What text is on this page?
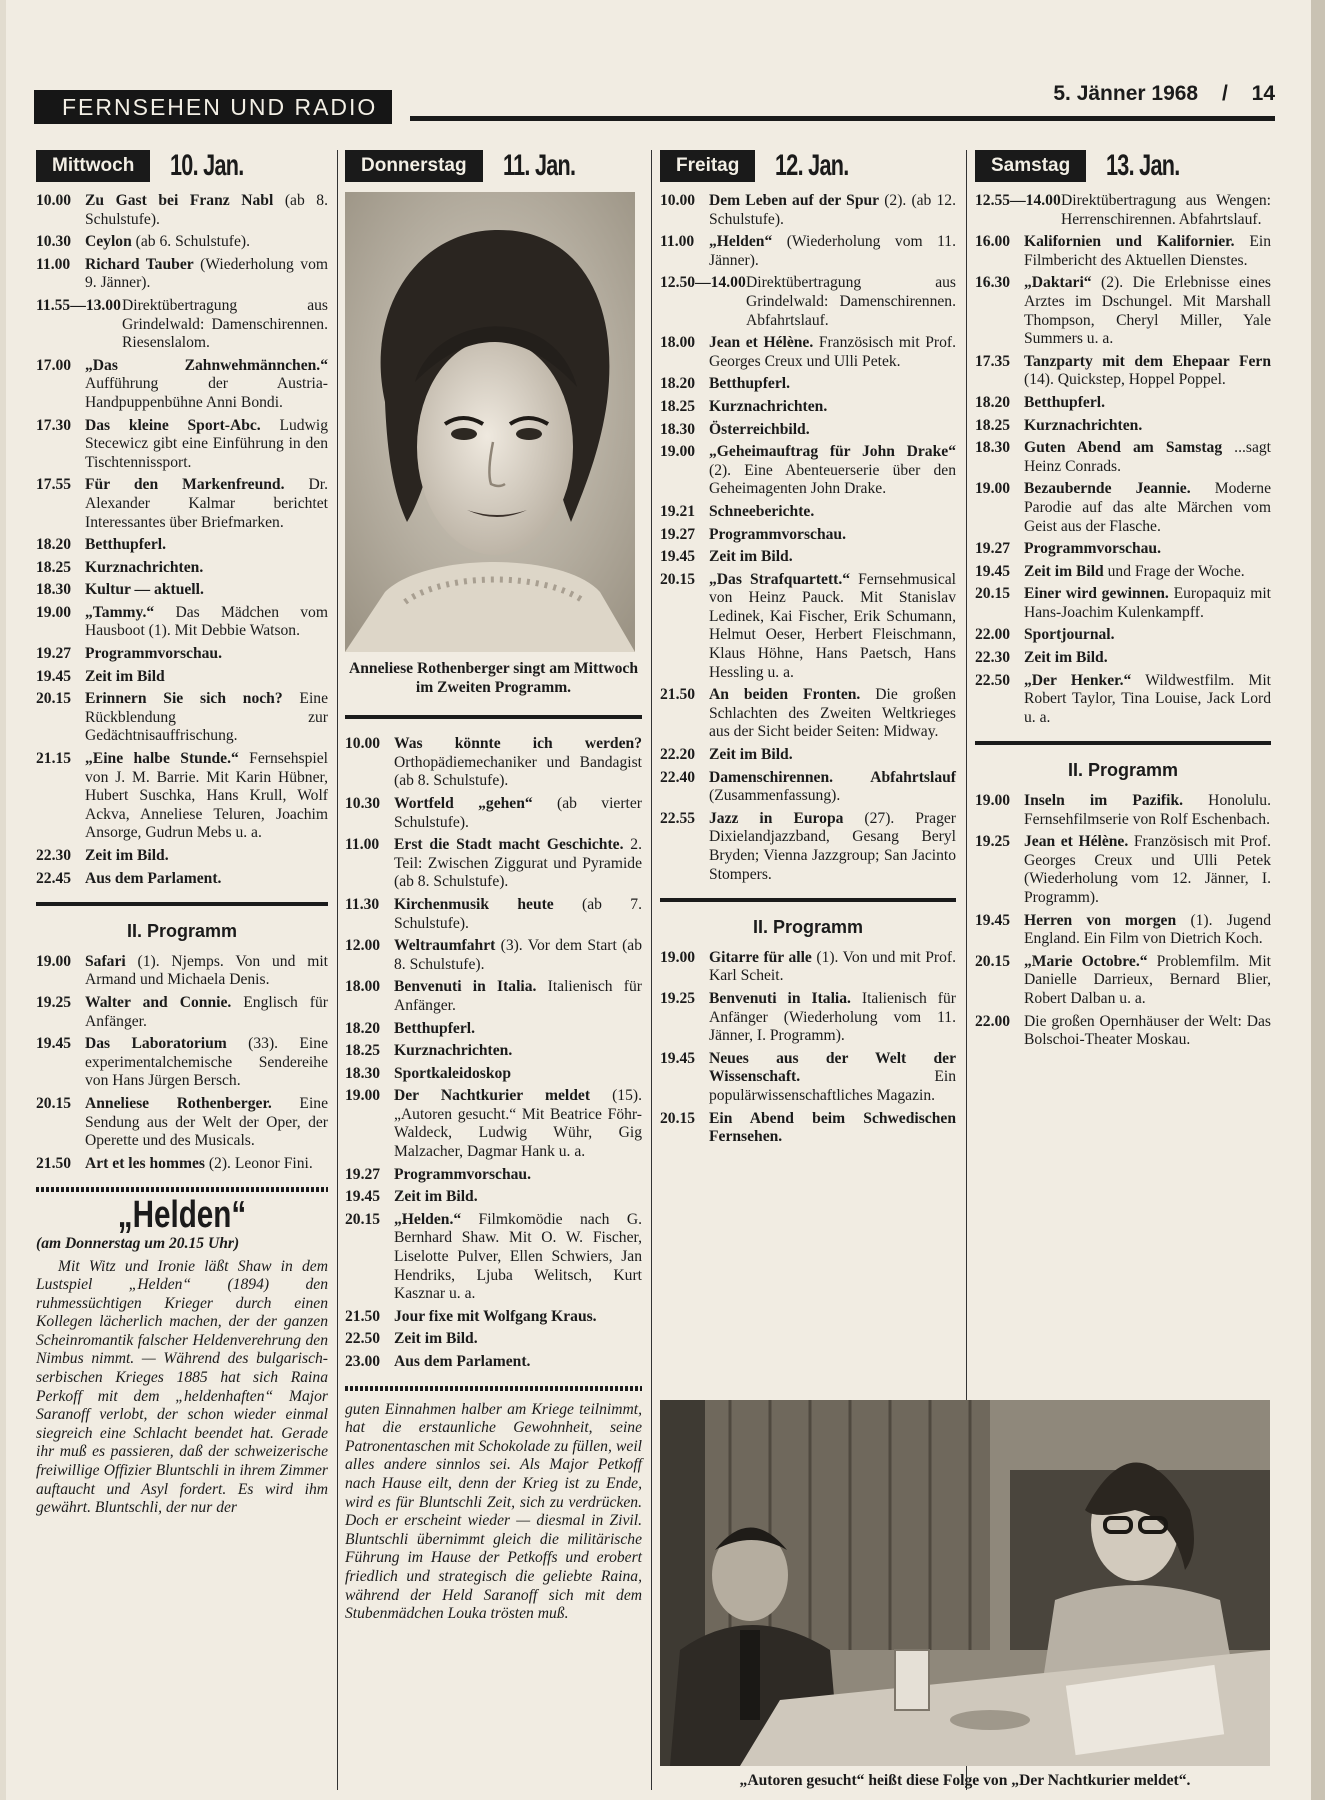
FERNSEHEN UND RADIO
5. Jänner 1968 / 14
Mittwoch	10. Jan.
10.00 Zu Gast bei Franz Nabl (ab 8. Schulstufe).
10.30 Ceylon (ab 6. Schulstufe).
11.00 Richard Tauber (Wiederholung vom 9. Jänner).
11.55—13.00 Direktübertragung aus Grindelwald: Damenschirennen. Riesenslalom.
17.00 „Das Zahnwehmännchen.“ Aufführung der Austria-Handpuppenbühne Anni Bondi.
17.30 Das kleine Sport-Abc. Ludwig Stecewicz gibt eine Einführung in den Tischtennissport.
17.55 Für den Markenfreund. Dr. Alexander Kalmar berichtet Interessantes über Briefmarken.
18.20 Betthupferl.
18.25 Kurznachrichten.
18.30 Kultur — aktuell.
19.00 „Tammy.“ Das Mädchen vom Hausboot (1). Mit Debbie Watson.
19.27 Programmvorschau.
19.45 Zeit im Bild
20.15 Erinnern Sie sich noch? Eine Rückblendung zur Gedächtnisauffrischung.
21.15 „Eine halbe Stunde.“ Fernsehspiel von J. M. Barrie. Mit Karin Hübner, Hubert Suschka, Hans Krull, Wolf Ackva, Anneliese Teluren, Joachim Ansorge, Gudrun Mebs u. a.
22.30 Zeit im Bild.
22.45 Aus dem Parlament.
II. Programm
19.00 Safari (1). Njemps. Von und mit Armand und Michaela Denis.
19.25 Walter and Connie. Englisch für Anfänger.
19.45 Das Laboratorium (33). Eine experimentalchemische Sendereihe von Hans Jürgen Bersch.
20.15 Anneliese Rothenberger. Eine Sendung aus der Welt der Oper, der Operette und des Musicals.
21.50 Art et les hommes (2). Leonor Fini.
„Helden“
(am Donnerstag um 20.15 Uhr)
Mit Witz und Ironie läßt Shaw in dem Lustspiel „Helden“ (1894) den ruhmessüchtigen Krieger durch einen Kollegen lächerlich machen, der der ganzen Scheinromantik falscher Heldenverehrung den Nimbus nimmt. — Während des bulgarisch-serbischen Krieges 1885 hat sich Raina Perkoff mit dem „heldenhaften“ Major Saranoff verlobt, der schon wieder einmal siegreich eine Schlacht beendet hat. Gerade ihr muß es passieren, daß der schweizerische freiwillige Offizier Bluntschli in ihrem Zimmer auftaucht und Asyl fordert. Es wird ihm gewährt. Bluntschli, der nur der
Donnerstag	11. Jan.
Anneliese Rothenberger singt am Mittwoch im Zweiten Programm.
10.00 Was könnte ich werden? Orthopädiemechaniker und Bandagist (ab 8. Schulstufe).
10.30 Wortfeld „gehen“ (ab vierter Schulstufe).
11.00 Erst die Stadt macht Geschichte. 2. Teil: Zwischen Ziggurat und Pyramide (ab 8. Schulstufe).
11.30 Kirchenmusik heute (ab 7. Schulstufe).
12.00 Weltraumfahrt (3). Vor dem Start (ab 8. Schulstufe).
18.00 Benvenuti in Italia. Italienisch für Anfänger.
18.20 Betthupferl.
18.25 Kurznachrichten.
18.30 Sportkaleidoskop
19.00 Der Nachtkurier meldet (15). „Autoren gesucht.“ Mit Beatrice Föhr-Waldeck, Ludwig Wühr, Gig Malzacher, Dagmar Hank u. a.
19.27 Programmvorschau.
19.45 Zeit im Bild.
20.15 „Helden.“ Filmkomödie nach G. Bernhard Shaw. Mit O. W. Fischer, Liselotte Pulver, Ellen Schwiers, Jan Hendriks, Ljuba Welitsch, Kurt Kasznar u. a.
21.50 Jour fixe mit Wolfgang Kraus.
22.50 Zeit im Bild.
23.00 Aus dem Parlament.
guten Einnahmen halber am Kriege teilnimmt, hat die erstaunliche Gewohnheit, seine Patronentaschen mit Schokolade zu füllen, weil alles andere sinnlos sei. Als Major Petkoff nach Hause eilt, denn der Krieg ist zu Ende, wird es für Bluntschli Zeit, sich zu verdrücken. Doch er erscheint wieder — diesmal in Zivil. Bluntschli übernimmt gleich die militärische Führung im Hause der Petkoffs und erobert friedlich und strategisch die geliebte Raina, während der Held Saranoff sich mit dem Stubenmädchen Louka trösten muß.
Freitag	12. Jan.
10.00 Dem Leben auf der Spur (2). (ab 12. Schulstufe).
11.00 „Helden“ (Wiederholung vom 11. Jänner).
12.50—14.00 Direktübertragung aus Grindelwald: Damenschirennen. Abfahrtslauf.
18.00 Jean et Hélène. Französisch mit Prof. Georges Creux und Ulli Petek.
18.20 Betthupferl.
18.25 Kurznachrichten.
18.30 Österreichbild.
19.00 „Geheimauftrag für John Drake“ (2). Eine Abenteuerserie über den Geheimagenten John Drake.
19.21 Schneeberichte.
19.27 Programmvorschau.
19.45 Zeit im Bild.
20.15 „Das Strafquartett.“ Fernsehmusical von Heinz Pauck. Mit Stanislav Ledinek, Kai Fischer, Erik Schumann, Helmut Oeser, Herbert Fleischmann, Klaus Höhne, Hans Paetsch, Hans Hessling u. a.
21.50 An beiden Fronten. Die großen Schlachten des Zweiten Weltkrieges aus der Sicht beider Seiten: Midway.
22.20 Zeit im Bild.
22.40 Damenschirennen. Abfahrtslauf (Zusammenfassung).
22.55 Jazz in Europa (27). Prager Dixielandjazzband, Gesang Beryl Bryden; Vienna Jazzgroup; San Jacinto Stompers.
II. Programm
19.00 Gitarre für alle (1). Von und mit Prof. Karl Scheit.
19.25 Benvenuti in Italia. Italienisch für Anfänger (Wiederholung vom 11. Jänner, I. Programm).
19.45 Neues aus der Welt der Wissenschaft. Ein populärwissenschaftliches Magazin.
20.15 Ein Abend beim Schwedischen Fernsehen.
Samstag	13. Jan.
12.55—14.00 Direktübertragung aus Wengen: Herrenschirennen. Abfahrtslauf.
16.00 Kalifornien und Kalifornier. Ein Filmbericht des Aktuellen Dienstes.
16.30 „Daktari“ (2). Die Erlebnisse eines Arztes im Dschungel. Mit Marshall Thompson, Cheryl Miller, Yale Summers u. a.
17.35 Tanzparty mit dem Ehepaar Fern (14). Quickstep, Hoppel Poppel.
18.20 Betthupferl.
18.25 Kurznachrichten.
18.30 Guten Abend am Samstag ...sagt Heinz Conrads.
19.00 Bezaubernde Jeannie. Moderne Parodie auf das alte Märchen vom Geist aus der Flasche.
19.27 Programmvorschau.
19.45 Zeit im Bild und Frage der Woche.
20.15 Einer wird gewinnen. Europaquiz mit Hans-Joachim Kulenkampff.
22.00 Sportjournal.
22.30 Zeit im Bild.
22.50 „Der Henker.“ Wildwestfilm. Mit Robert Taylor, Tina Louise, Jack Lord u. a.
II. Programm
19.00 Inseln im Pazifik. Honolulu. Fernsehfilmserie von Rolf Eschenbach.
19.25 Jean et Hélène. Französisch mit Prof. Georges Creux und Ulli Petek (Wiederholung vom 12. Jänner, I. Programm).
19.45 Herren von morgen (1). Jugend England. Ein Film von Dietrich Koch.
20.15 „Marie Octobre.“ Problemfilm. Mit Danielle Darrieux, Bernard Blier, Robert Dalban u. a.
22.00 Die großen Opernhäuser der Welt: Das Bolschoi-Theater Moskau.
„Autoren gesucht“ heißt diese Folge von „Der Nachtkurier meldet“.
